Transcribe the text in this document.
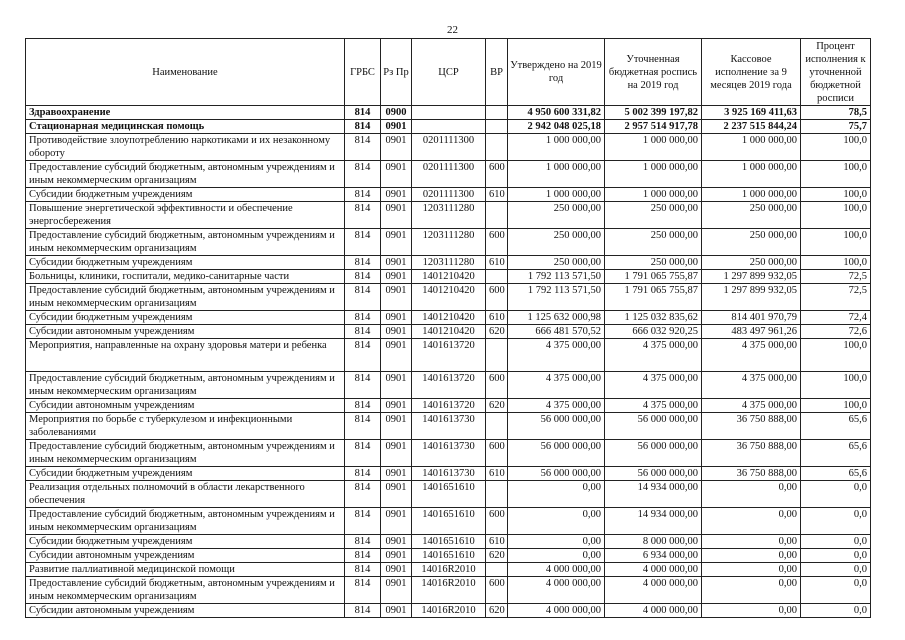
22
Наименование	ГРБС	Рз Пр	ЦСР	ВР	Утверждено на 2019 год	Уточненная бюджетная роспись на 2019 год	Кассовое исполнение за 9 месяцев 2019 года	Процент исполнения к уточненной бюджетной росписи
Здравоохранение	814	0900			4 950 600 331,82	5 002 399 197,82	3 925 169 411,63	78,5
Стационарная медицинская помощь	814	0901			2 942 048 025,18	2 957 514 917,78	2 237 515 844,24	75,7
Противодействие злоупотреблению наркотиками и их незаконному обороту	814	0901	0201111300		1 000 000,00	1 000 000,00	1 000 000,00	100,0
Предоставление субсидий бюджетным, автономным учреждениям и иным некоммерческим организациям	814	0901	0201111300	600	1 000 000,00	1 000 000,00	1 000 000,00	100,0
Субсидии бюджетным учреждениям	814	0901	0201111300	610	1 000 000,00	1 000 000,00	1 000 000,00	100,0
Повышение энергетической эффективности и обеспечение энергосбережения	814	0901	1203111280		250 000,00	250 000,00	250 000,00	100,0
Предоставление субсидий бюджетным, автономным учреждениям и иным некоммерческим организациям	814	0901	1203111280	600	250 000,00	250 000,00	250 000,00	100,0
Субсидии бюджетным учреждениям	814	0901	1203111280	610	250 000,00	250 000,00	250 000,00	100,0
Больницы, клиники, госпитали, медико-санитарные части	814	0901	1401210420		1 792 113 571,50	1 791 065 755,87	1 297 899 932,05	72,5
Предоставление субсидий бюджетным, автономным учреждениям и иным некоммерческим организациям	814	0901	1401210420	600	1 792 113 571,50	1 791 065 755,87	1 297 899 932,05	72,5
Субсидии бюджетным учреждениям	814	0901	1401210420	610	1 125 632 000,98	1 125 032 835,62	814 401 970,79	72,4
Субсидии автономным учреждениям	814	0901	1401210420	620	666 481 570,52	666 032 920,25	483 497 961,26	72,6
Мероприятия, направленные на охрану здоровья матери и ребенка	814	0901	1401613720		4 375 000,00	4 375 000,00	4 375 000,00	100,0
Предоставление субсидий бюджетным, автономным учреждениям и иным некоммерческим организациям	814	0901	1401613720	600	4 375 000,00	4 375 000,00	4 375 000,00	100,0
Субсидии автономным учреждениям	814	0901	1401613720	620	4 375 000,00	4 375 000,00	4 375 000,00	100,0
Мероприятия по борьбе с туберкулезом и инфекционными заболеваниями	814	0901	1401613730		56 000 000,00	56 000 000,00	36 750 888,00	65,6
Предоставление субсидий бюджетным, автономным учреждениям и иным некоммерческим организациям	814	0901	1401613730	600	56 000 000,00	56 000 000,00	36 750 888,00	65,6
Субсидии бюджетным учреждениям	814	0901	1401613730	610	56 000 000,00	56 000 000,00	36 750 888,00	65,6
Реализация отдельных полномочий в области лекарственного обеспечения	814	0901	1401651610		0,00	14 934 000,00	0,00	0,0
Предоставление субсидий бюджетным, автономным учреждениям и иным некоммерческим организациям	814	0901	1401651610	600	0,00	14 934 000,00	0,00	0,0
Субсидии бюджетным учреждениям	814	0901	1401651610	610	0,00	8 000 000,00	0,00	0,0
Субсидии автономным учреждениям	814	0901	1401651610	620	0,00	6 934 000,00	0,00	0,0
Развитие паллиативной медицинской помощи	814	0901	14016R2010		4 000 000,00	4 000 000,00	0,00	0,0
Предоставление субсидий бюджетным, автономным учреждениям и иным некоммерческим организациям	814	0901	14016R2010	600	4 000 000,00	4 000 000,00	0,00	0,0
Субсидии автономным учреждениям	814	0901	14016R2010	620	4 000 000,00	4 000 000,00	0,00	0,0
